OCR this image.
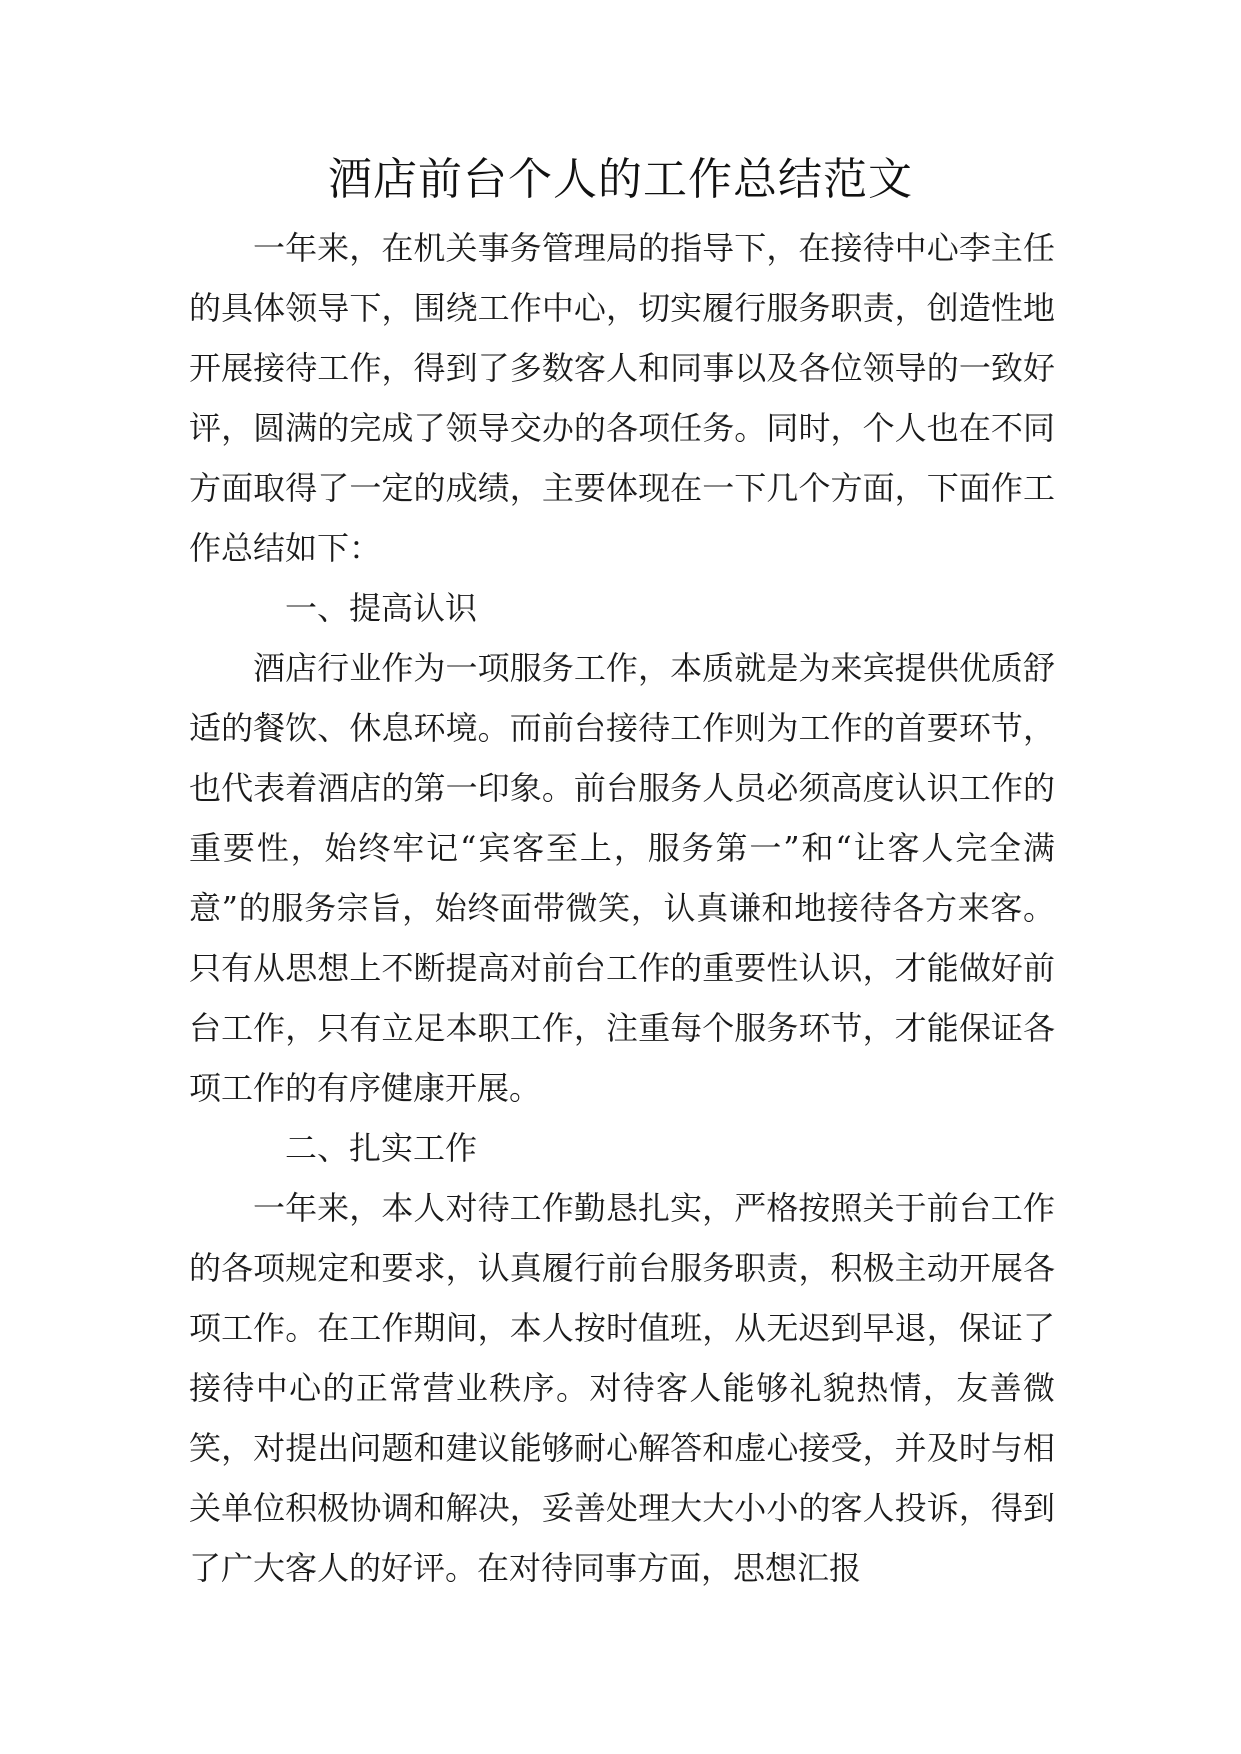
酒店前台个人的工作总结范文

一年来，在机关事务管理局的指导下，在接待中心李主任的具体领导下，围绕工作中心，切实履行服务职责，创造性地开展接待工作，得到了多数客人和同事以及各位领导的一致好评，圆满的完成了领导交办的各项任务。同时，个人也在不同方面取得了一定的成绩，主要体现在一下几个方面，下面作工作总结如下：

一、提高认识

酒店行业作为一项服务工作，本质就是为来宾提供优质舒适的餐饮、休息环境。而前台接待工作则为工作的首要环节，也代表着酒店的第一印象。前台服务人员必须高度认识工作的重要性，始终牢记“宾客至上，服务第一”和“让客人完全满意”的服务宗旨，始终面带微笑，认真谦和地接待各方来客。只有从思想上不断提高对前台工作的重要性认识，才能做好前台工作，只有立足本职工作，注重每个服务环节，才能保证各项工作的有序健康开展。

二、扎实工作

一年来，本人对待工作勤恳扎实，严格按照关于前台工作的各项规定和要求，认真履行前台服务职责，积极主动开展各项工作。在工作期间，本人按时值班，从无迟到早退，保证了接待中心的正常营业秩序。对待客人能够礼貌热情，友善微笑，对提出问题和建议能够耐心解答和虚心接受，并及时与相关单位积极协调和解决，妥善处理大大小小的客人投诉，得到了广大客人的好评。在对待同事方面，思想汇报
